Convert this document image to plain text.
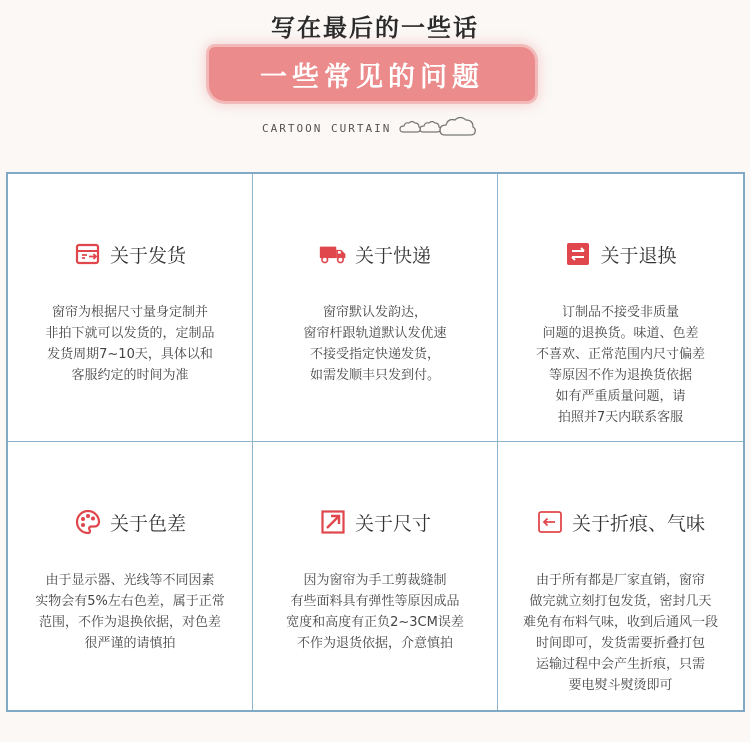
写在最后的一些话
一些常见的问题
CARTOON CURTAIN
关于发货
窗帘为根据尺寸量身定制并
非拍下就可以发货的，定制品
发货周期7~10天，具体以和
客服约定的时间为准
关于快递
窗帘默认发韵达，
窗帘杆跟轨道默认发优速
不接受指定快递发货，
如需发顺丰只发到付。
关于退换
订制品不接受非质量
问题的退换货。味道、色差
不喜欢、正常范围内尺寸偏差
等原因不作为退换货依据
如有严重质量问题，请
拍照并7天内联系客服
关于色差
由于显示器、光线等不同因素
实物会有5%左右色差，属于正常
范围，不作为退换依据，对色差
很严谨的请慎拍
关于尺寸
因为窗帘为手工剪裁缝制
有些面料具有弹性等原因成品
宽度和高度有正负2~3CM误差
不作为退货依据，介意慎拍
关于折痕、气味
由于所有都是厂家直销，窗帘
做完就立刻打包发货，密封几天
难免有布料气味，收到后通风一段
时间即可，发货需要折叠打包
运输过程中会产生折痕，只需
要电熨斗熨烫即可
